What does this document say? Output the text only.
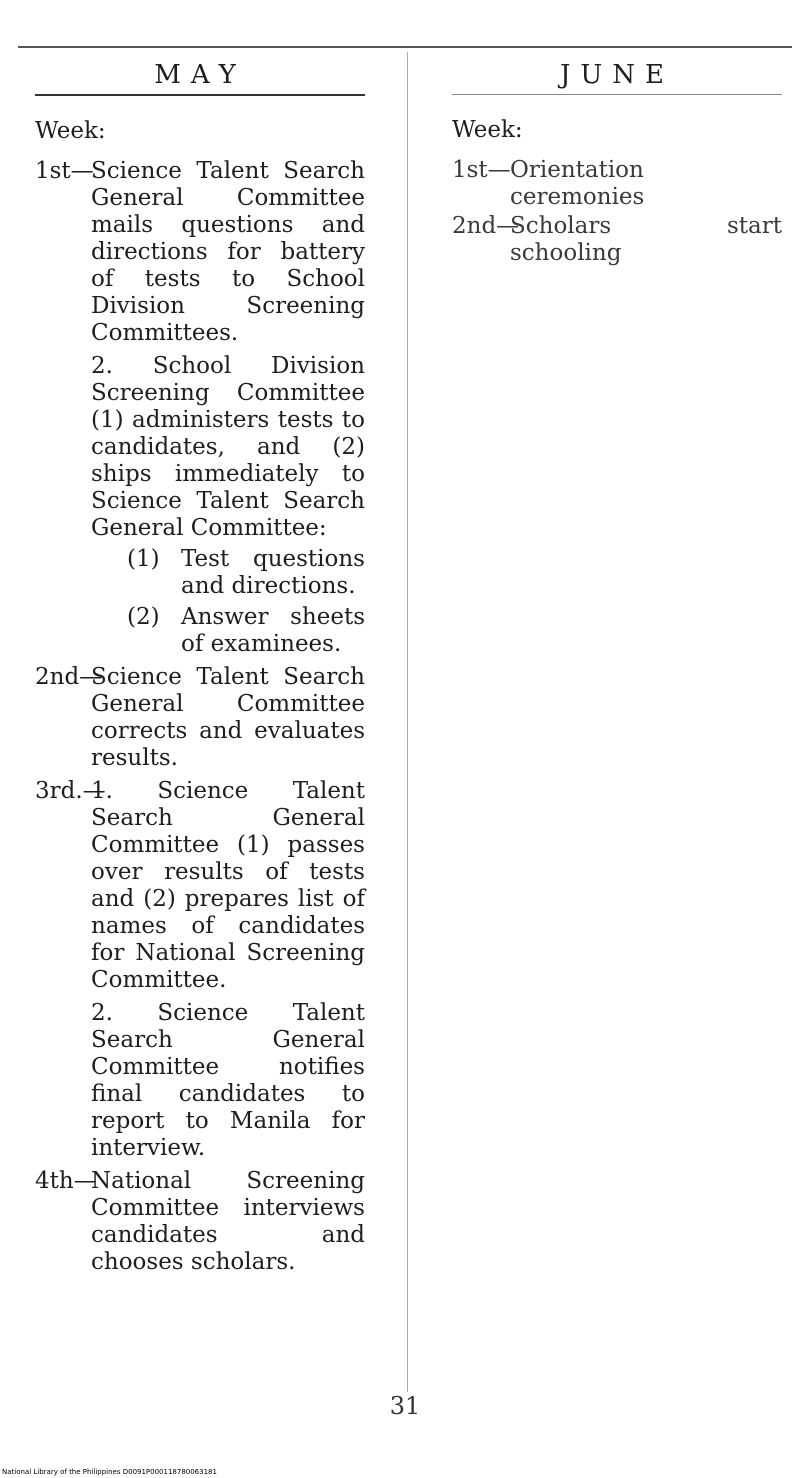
MAY
Week:
1st—
Science Talent Search General Committee mails questions and directions for battery of tests to School Division Screening Committees.
2. School Division Screening Committee (1) administers tests to candidates, and (2) ships immediately to Science Talent Search General Committee:
(1) Test questions and directions.
(2) Answer sheets of examinees.
2nd—
Science Talent Search General Committee corrects and evaluates results.
3rd.—
1. Science Talent Search General Committee (1) passes over results of tests and (2) prepares list of names of candidates for National Screening Committee.
2. Science Talent Search General Committee notifies final candidates to report to Manila for interview.
4th—
National Screening Committee interviews candidates and chooses scholars.
JUNE
Week:
1st— Orientation ceremonies
2nd—
Scholars start schooling
31
National Library of the Philippines D0091P000118780063181
